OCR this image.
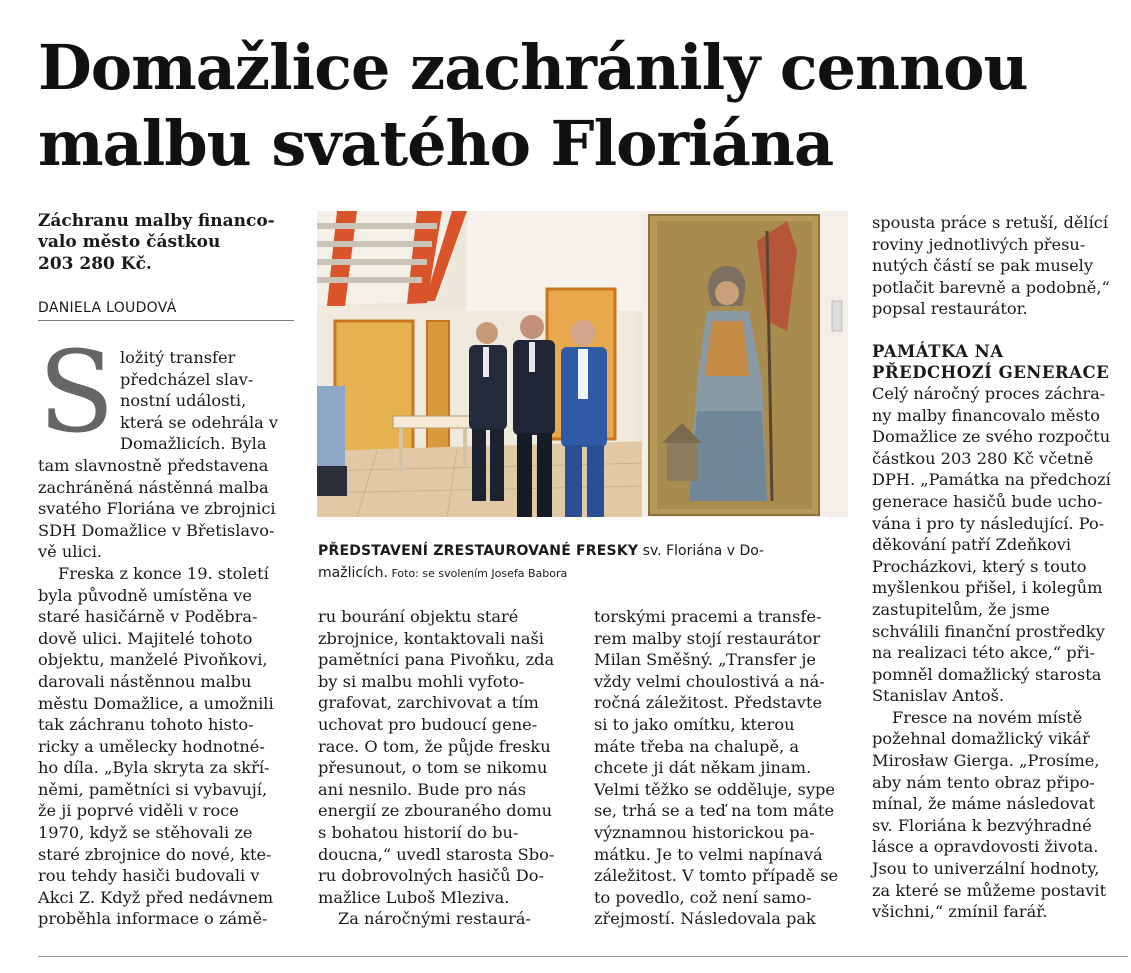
Domažlice zachránily cennou
malbu svatého Floriána
Záchranu malby financo-
valo město částkou
203 280 Kč.
DANIELA LOUDOVÁ
S ložitý transfer
předcházel slav-
nostní události,
která se odehrála v
Domažlicích. Byla
tam slavnostně představena
zachráněná nástěnná malba
svatého Floriána ve zbrojnici
SDH Domažlice v Břetislavo-
vě ulici.
Freska z konce 19. století
byla původně umístěna ve
staré hasičárně v Poděbra-
dově ulici. Majitelé tohoto
objektu, manželé Pivoňkovi,
darovali nástěnnou malbu
městu Domažlice, a umožnili
tak záchranu tohoto histo-
ricky a umělecky hodnotné-
ho díla. „Byla skryta za skří-
němi, pamětníci si vybavují,
že ji poprvé viděli v roce
1970, když se stěhovali ze
staré zbrojnice do nové, kte-
rou tehdy hasiči budovali v
Akci Z. Když před nedávnem
proběhla informace o zámě-
PŘEDSTAVENÍ ZRESTAUROVANÉ FRESKY sv. Floriána v Do-
mažlicích. Foto: se svolením Josefa Babora
ru bourání objektu staré
zbrojnice, kontaktovali naši
pamětníci pana Pivoňku, zda
by si malbu mohli vyfoto-
grafovat, zarchivovat a tím
uchovat pro budoucí gene-
race. O tom, že půjde fresku
přesunout, o tom se nikomu
ani nesnilo. Bude pro nás
energií ze zbouraného domu
s bohatou historií do bu-
doucna,“ uvedl starosta Sbo-
ru dobrovolných hasičů Do-
mažlice Luboš Mleziva.
Za náročnými restaurá-
torskými pracemi a transfe-
rem malby stojí restaurátor
Milan Směšný. „Transfer je
vždy velmi choulostivá a ná-
ročná záležitost. Představte
si to jako omítku, kterou
máte třeba na chalupě, a
chcete ji dát někam jinam.
Velmi těžko se odděluje, sype
se, trhá se a teď na tom máte
významnou historickou pa-
mátku. Je to velmi napínavá
záležitost. V tomto případě se
to povedlo, což není samo-
zřejmostí. Následovala pak
spousta práce s retuší, dělící
roviny jednotlivých přesu-
nutých částí se pak musely
potlačit barevně a podobně,“
popsal restaurátor.
PAMÁTKA NA
PŘEDCHOZÍ GENERACE
Celý náročný proces záchra-
ny malby financovalo město
Domažlice ze svého rozpočtu
částkou 203 280 Kč včetně
DPH. „Památka na předchozí
generace hasičů bude ucho-
vána i pro ty následující. Po-
děkování patří Zdeňkovi
Procházkovi, který s touto
myšlenkou přišel, i kolegům
zastupitelům, že jsme
schválili finanční prostředky
na realizaci této akce,“ při-
pomněl domažlický starosta
Stanislav Antoš.
Fresce na novém místě
požehnal domažlický vikář
Mirosław Gierga. „Prosíme,
aby nám tento obraz připo-
mínal, že máme následovat
sv. Floriána k bezvýhradné
lásce a opravdovosti života.
Jsou to univerzální hodnoty,
za které se můžeme postavit
všichni,“ zmínil farář.
